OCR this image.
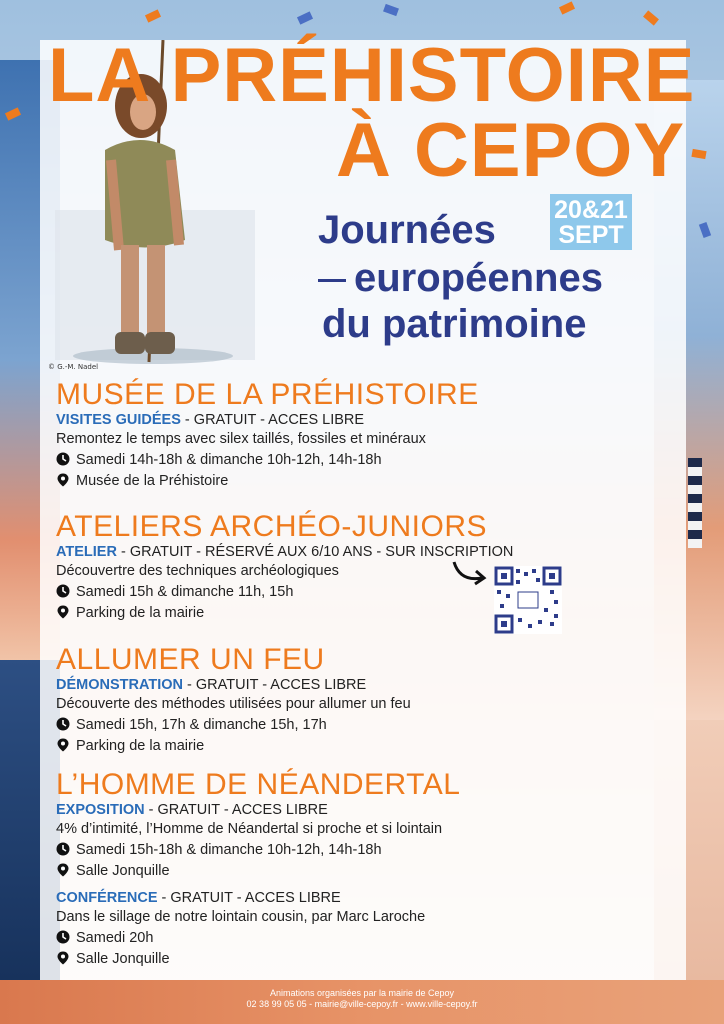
LA PRÉHISTOIRE
À CEPOY
20&21
SEPT
Journées
européennes
du patrimoine
© G.-M. Nadel
MUSÉE DE LA PRÉHISTOIRE

VISITES GUIDÉES - GRATUIT - ACCES LIBRE

Remontez le temps avec silex taillés, fossiles et minéraux

Samedi 14h-18h & dimanche 10h-12h, 14h-18h

Musée de la Préhistoire

ATELIERS ARCHÉO-JUNIORS

ATELIER - GRATUIT - RÉSERVÉ AUX 6/10 ANS - SUR INSCRIPTION

Découvertre des techniques archéologiques

Samedi 15h & dimanche 11h, 15h

Parking de la mairie

ALLUMER UN FEU

DÉMONSTRATION - GRATUIT - ACCES LIBRE

Découverte des méthodes utilisées pour allumer un feu

Samedi 15h, 17h & dimanche 15h, 17h

Parking de la mairie

L’HOMME DE NÉANDERTAL

EXPOSITION - GRATUIT - ACCES LIBRE

4% d’intimité, l’Homme de Néandertal si proche et si lointain

Samedi 15h-18h & dimanche 10h-12h, 14h-18h

Salle Jonquille

CONFÉRENCE - GRATUIT - ACCES LIBRE

Dans le sillage de notre lointain cousin, par Marc Laroche

Samedi 20h

Salle Jonquille

Animations organisées par la mairie de Cepoy

02 38 99 05 05 - mairie@ville-cepoy.fr - www.ville-cepoy.fr
